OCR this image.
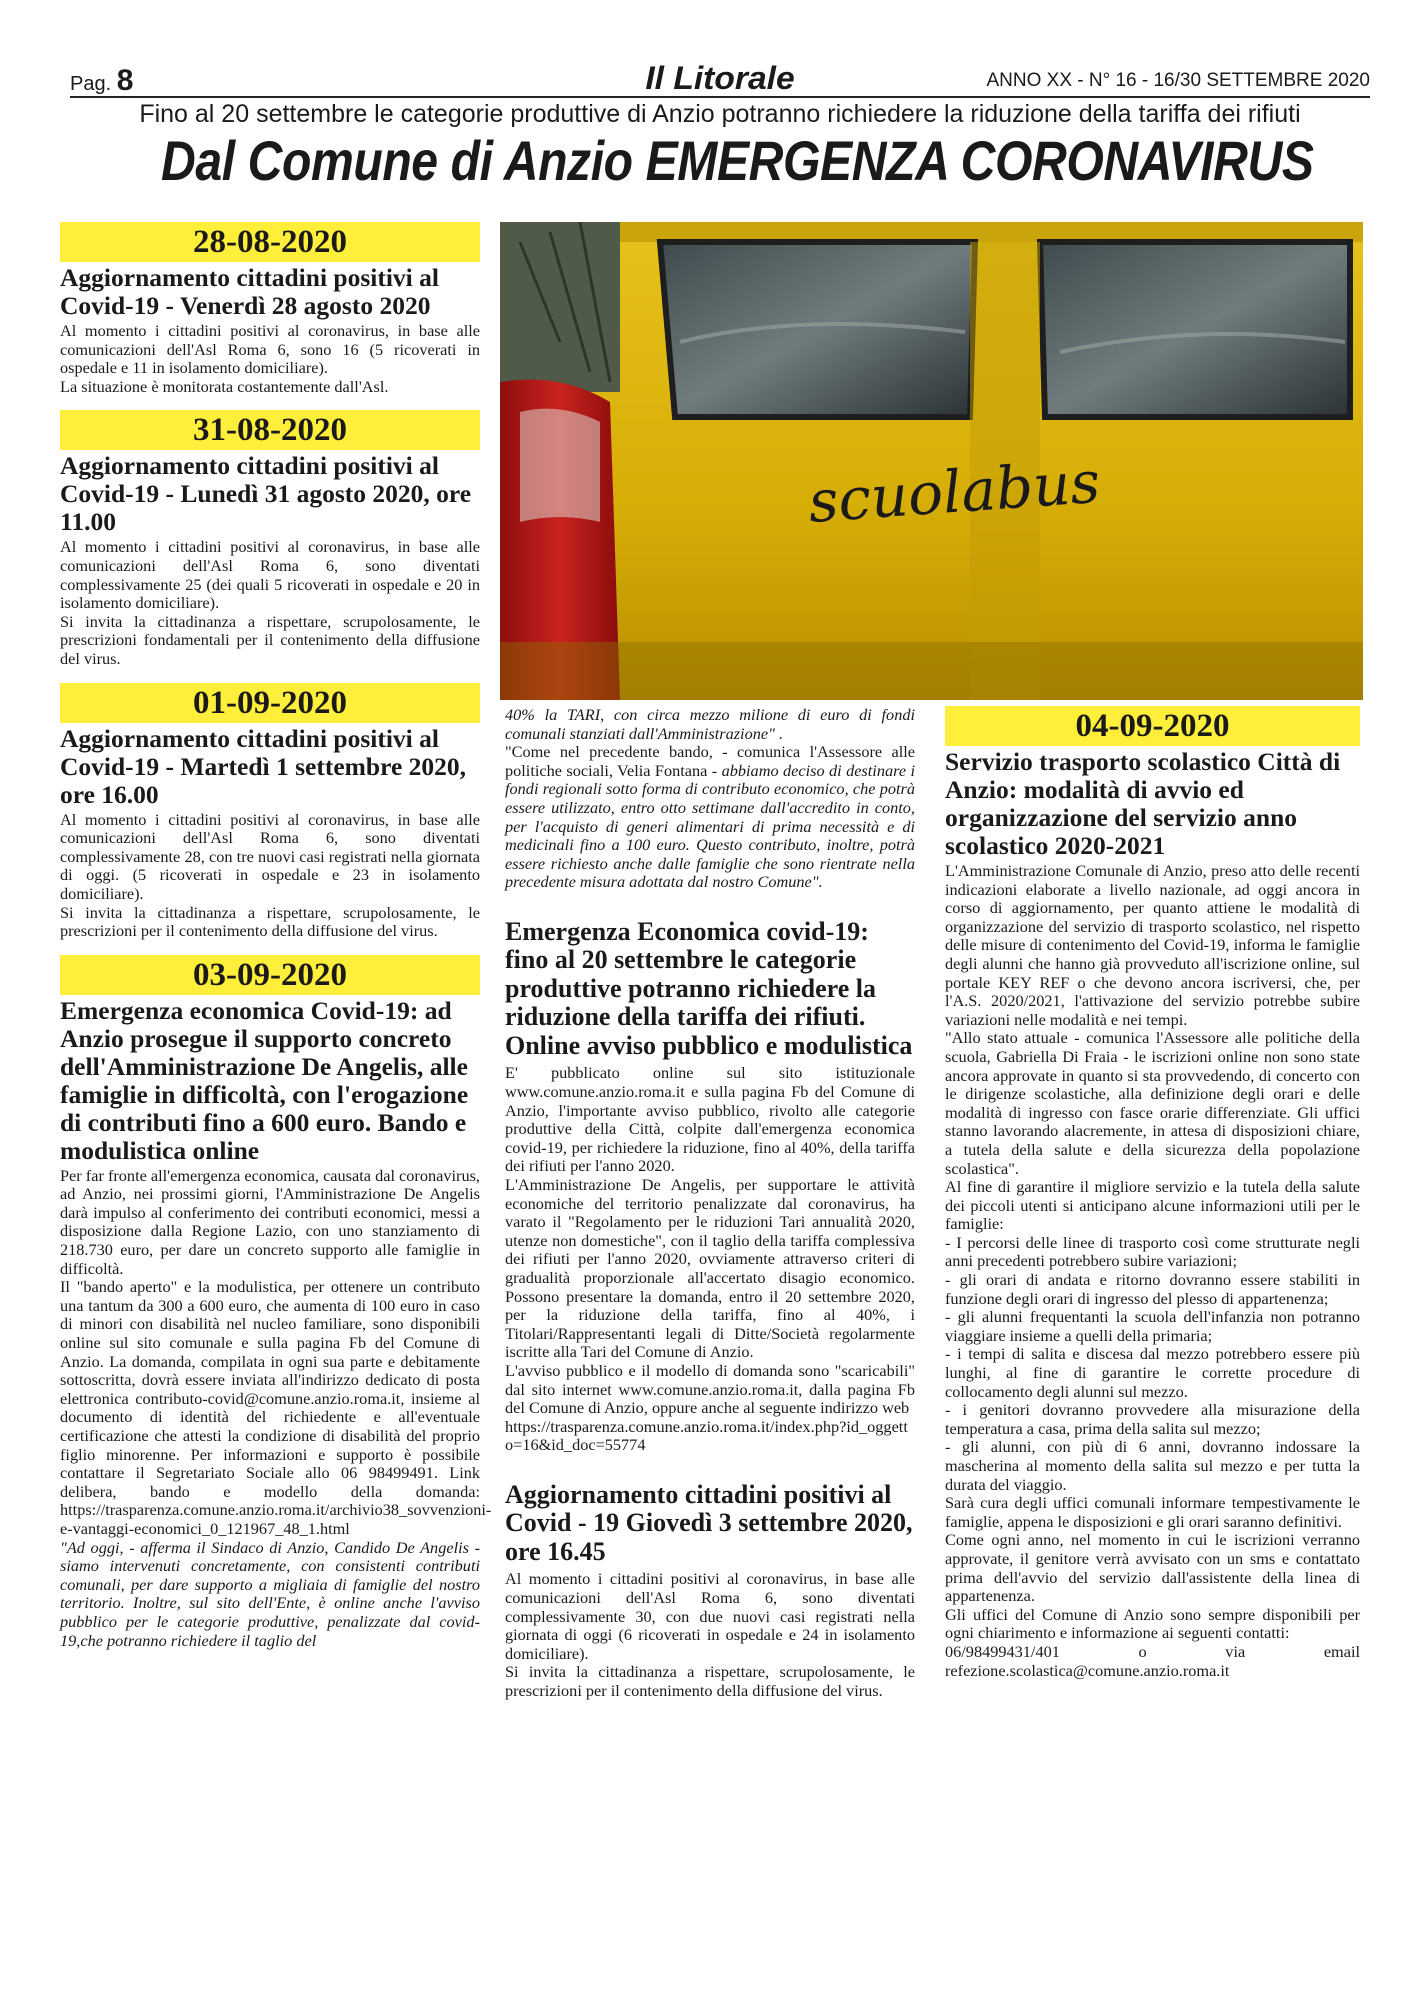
Pag. 8	Il Litorale	ANNO XX - N° 16 - 16/30 SETTEMBRE 2020
Fino al 20 settembre le categorie produttive di Anzio potranno richiedere la riduzione della tariffa dei rifiuti
Dal Comune di Anzio EMERGENZA CORONAVIRUS
scuolabus
28-08-2020
Aggiornamento cittadini positivi al Covid-19 - Venerdì 28 agosto 2020

Al momento i cittadini positivi al coronavirus, in base alle comunicazioni dell'Asl Roma 6, sono 16 (5 ricoverati in ospedale e 11 in isolamento domiciliare).

La situazione è monitorata costantemente dall'Asl.

31-08-2020
Aggiornamento cittadini positivi al Covid-19 - Lunedì 31 agosto 2020, ore 11.00

Al momento i cittadini positivi al coronavirus, in base alle comunicazioni dell'Asl Roma 6, sono diventati complessivamente 25 (dei quali 5 ricoverati in ospedale e 20 in isolamento domiciliare).

Si invita la cittadinanza a rispettare, scrupolosamente, le prescrizioni fondamentali per il contenimento della diffusione del virus.

01-09-2020
Aggiornamento cittadini positivi al Covid-19 - Martedì 1 settembre 2020, ore 16.00

Al momento i cittadini positivi al coronavirus, in base alle comunicazioni dell'Asl Roma 6, sono diventati complessivamente 28, con tre nuovi casi registrati nella giornata di oggi. (5 ricoverati in ospedale e 23 in isolamento domiciliare).

Si invita la cittadinanza a rispettare, scrupolosamente, le prescrizioni per il contenimento della diffusione del virus.

03-09-2020
Emergenza economica Covid-19: ad Anzio prosegue il supporto concreto dell'Amministrazione De Angelis, alle famiglie in difficoltà, con l'erogazione di contributi fino a 600 euro. Bando e modulistica online

Per far fronte all'emergenza economica, causata dal coronavirus, ad Anzio, nei prossimi giorni, l'Amministrazione De Angelis darà impulso al conferimento dei contributi economici, messi a disposizione dalla Regione Lazio, con uno stanziamento di 218.730 euro, per dare un concreto supporto alle famiglie in difficoltà.

Il "bando aperto" e la modulistica, per ottenere un contributo una tantum da 300 a 600 euro, che aumenta di 100 euro in caso di minori con disabilità nel nucleo familiare, sono disponibili online sul sito comunale e sulla pagina Fb del Comune di Anzio. La domanda, compilata in ogni sua parte e debitamente sottoscritta, dovrà essere inviata all'indirizzo dedicato di posta elettronica contributo-covid@comune.anzio.roma.it, insieme al documento di identità del richiedente e all'eventuale certificazione che attesti la condizione di disabilità del proprio figlio minorenne. Per informazioni e supporto è possibile contattare il Segretariato Sociale allo 06 98499491. Link delibera, bando e modello della domanda: https://trasparenza.comune.anzio.roma.it/archivio38_sovvenzioni-e-vantaggi-economici_0_121967_48_1.html

"Ad oggi, - afferma il Sindaco di Anzio, Candido De Angelis - siamo intervenuti concretamente, con consistenti contributi comunali, per dare supporto a migliaia di famiglie del nostro territorio. Inoltre, sul sito dell'Ente, è online anche l'avviso pubblico per le categorie produttive, penalizzate dal covid-19,che potranno richiedere il taglio del

40% la TARI, con circa mezzo milione di euro di fondi comunali stanziati dall'Amministrazione" .

"Come nel precedente bando, - comunica l'Assessore alle politiche sociali, Velia Fontana - abbiamo deciso di destinare i fondi regionali sotto forma di contributo economico, che potrà essere utilizzato, entro otto settimane dall'accredito in conto, per l'acquisto di generi alimentari di prima necessità e di medicinali fino a 100 euro. Questo contributo, inoltre, potrà essere richiesto anche dalle famiglie che sono rientrate nella precedente misura adottata dal nostro Comune".

Emergenza Economica covid-19: fino al 20 settembre le categorie produttive potranno richiedere la riduzione della tariffa dei rifiuti. Online avviso pubblico e modulistica

E' pubblicato online sul sito istituzionale www.comune.anzio.roma.it e sulla pagina Fb del Comune di Anzio, l'importante avviso pubblico, rivolto alle categorie produttive della Città, colpite dall'emergenza economica covid-19, per richiedere la riduzione, fino al 40%, della tariffa dei rifiuti per l'anno 2020.

L'Amministrazione De Angelis, per supportare le attività economiche del territorio penalizzate dal coronavirus, ha varato il "Regolamento per le riduzioni Tari annualità 2020, utenze non domestiche", con il taglio della tariffa complessiva dei rifiuti per l'anno 2020, ovviamente attraverso criteri di gradualità proporzionale all'accertato disagio economico. Possono presentare la domanda, entro il 20 settembre 2020, per la riduzione della tariffa, fino al 40%, i Titolari/Rappresentanti legali di Ditte/Società regolarmente iscritte alla Tari del Comune di Anzio.

L'avviso pubblico e il modello di domanda sono "scaricabili" dal sito internet www.comune.anzio.roma.it, dalla pagina Fb del Comune di Anzio, oppure anche al seguente indirizzo web

https://trasparenza.comune.anzio.roma.it/index.php?id_oggetto=16&id_doc=55774

Aggiornamento cittadini positivi al Covid - 19 Giovedì 3 settembre 2020, ore 16.45

Al momento i cittadini positivi al coronavirus, in base alle comunicazioni dell'Asl Roma 6, sono diventati complessivamente 30, con due nuovi casi registrati nella giornata di oggi (6 ricoverati in ospedale e 24 in isolamento domiciliare).

Si invita la cittadinanza a rispettare, scrupolosamente, le prescrizioni per il contenimento della diffusione del virus.

04-09-2020
Servizio trasporto scolastico Città di Anzio: modalità di avvio ed organizzazione del servizio anno scolastico 2020-2021

L'Amministrazione Comunale di Anzio, preso atto delle recenti indicazioni elaborate a livello nazionale, ad oggi ancora in corso di aggiornamento, per quanto attiene le modalità di organizzazione del servizio di trasporto scolastico, nel rispetto delle misure di contenimento del Covid-19, informa le famiglie degli alunni che hanno già provveduto all'iscrizione online, sul portale KEY REF o che devono ancora iscriversi, che, per l'A.S. 2020/2021, l'attivazione del servizio potrebbe subire variazioni nelle modalità e nei tempi.

"Allo stato attuale - comunica l'Assessore alle politiche della scuola, Gabriella Di Fraia - le iscrizioni online non sono state ancora approvate in quanto si sta provvedendo, di concerto con le dirigenze scolastiche, alla definizione degli orari e delle modalità di ingresso con fasce orarie differenziate. Gli uffici stanno lavorando alacremente, in attesa di disposizioni chiare, a tutela della salute e della sicurezza della popolazione scolastica".

Al fine di garantire il migliore servizio e la tutela della salute dei piccoli utenti si anticipano alcune informazioni utili per le famiglie:

- I percorsi delle linee di trasporto così come strutturate negli anni precedenti potrebbero subire variazioni;

- gli orari di andata e ritorno dovranno essere stabiliti in funzione degli orari di ingresso del plesso di appartenenza;

- gli alunni frequentanti la scuola dell'infanzia non potranno viaggiare insieme a quelli della primaria;

- i tempi di salita e discesa dal mezzo potrebbero essere più lunghi, al fine di garantire le corrette procedure di collocamento degli alunni sul mezzo.

- i genitori dovranno provvedere alla misurazione della temperatura a casa, prima della salita sul mezzo;

- gli alunni, con più di 6 anni, dovranno indossare la mascherina al momento della salita sul mezzo e per tutta la durata del viaggio.

Sarà cura degli uffici comunali informare tempestivamente le famiglie, appena le disposizioni e gli orari saranno definitivi.

Come ogni anno, nel momento in cui le iscrizioni verranno approvate, il genitore verrà avvisato con un sms e contattato prima dell'avvio del servizio dall'assistente della linea di appartenenza.

Gli uffici del Comune di Anzio sono sempre disponibili per ogni chiarimento e informazione ai seguenti contatti:

06/98499431/401 o via email refezione.scolastica@comune.anzio.roma.it
